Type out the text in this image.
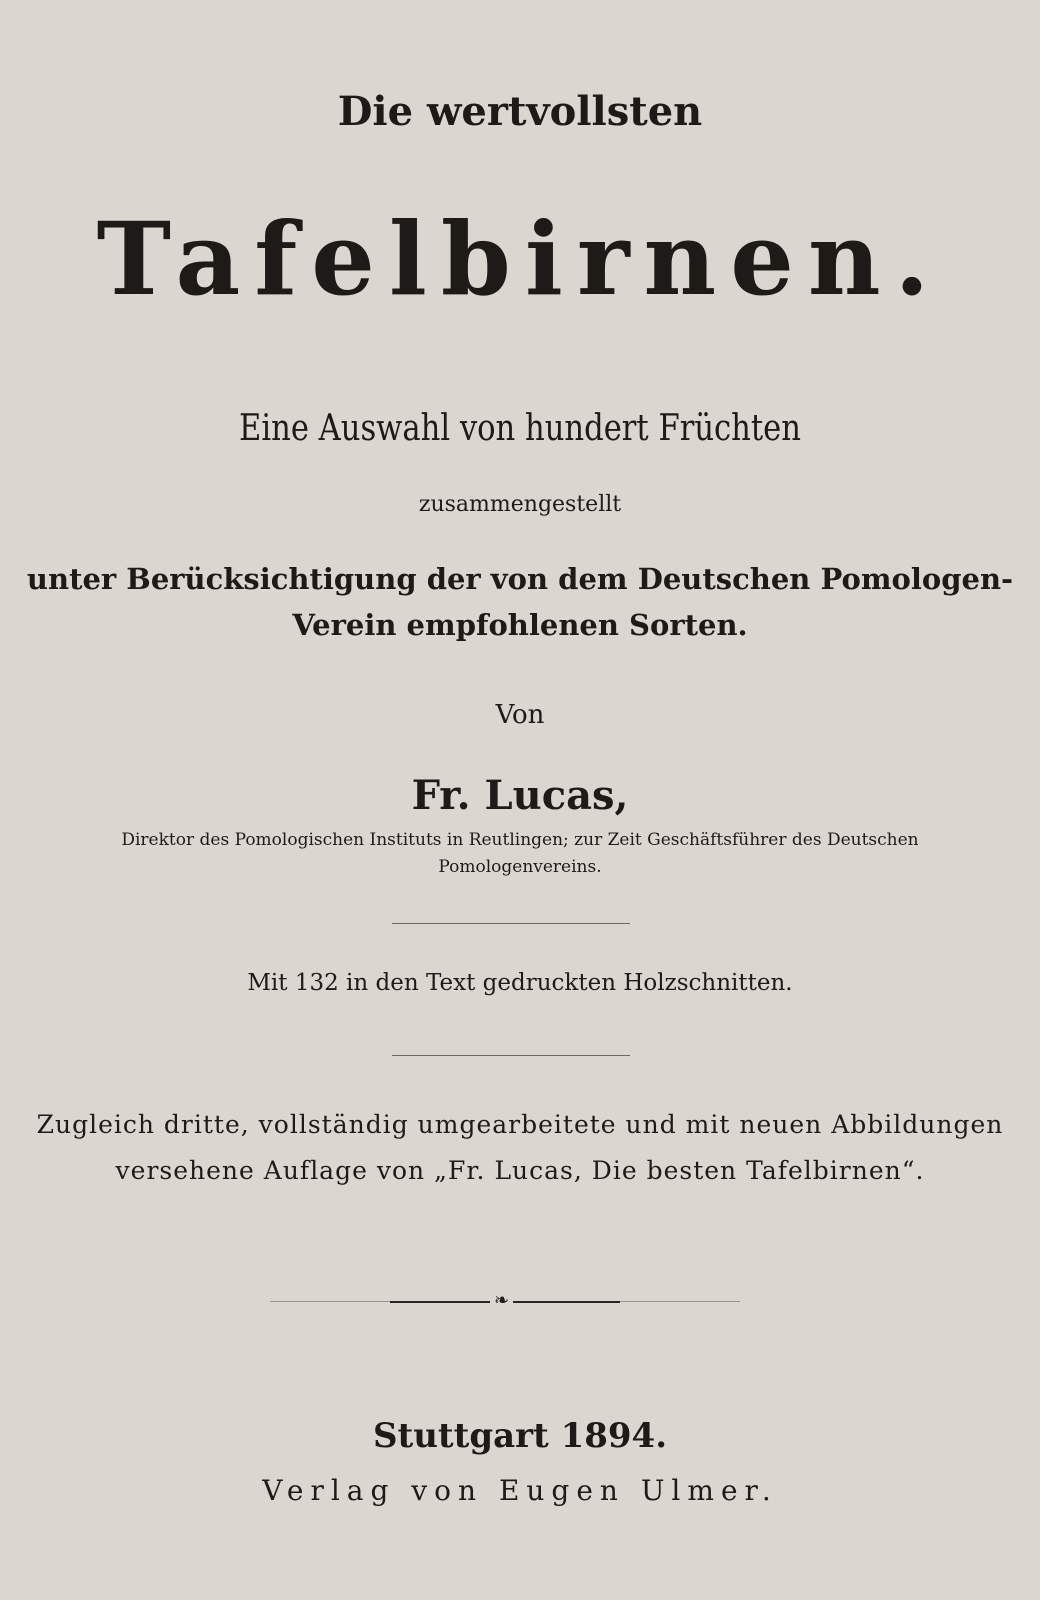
Die wertvollsten
Tafelbirnen.
Eine Auswahl von hundert Früchten
zusammengestellt
unter Berücksichtigung der von dem Deutschen Pomologen-
Verein empfohlenen Sorten.
Von
Fr. Lucas,
Direktor des Pomologischen Instituts in Reutlingen; zur Zeit Geschäftsführer des Deutschen
Pomologenvereins.
Mit 132 in den Text gedruckten Holzschnitten.
Zugleich dritte, vollständig umgearbeitete und mit neuen Abbildungen
versehene Auflage von „Fr. Lucas, Die besten Tafelbirnen“.
❧
Stuttgart 1894.
Verlag von Eugen Ulmer.
